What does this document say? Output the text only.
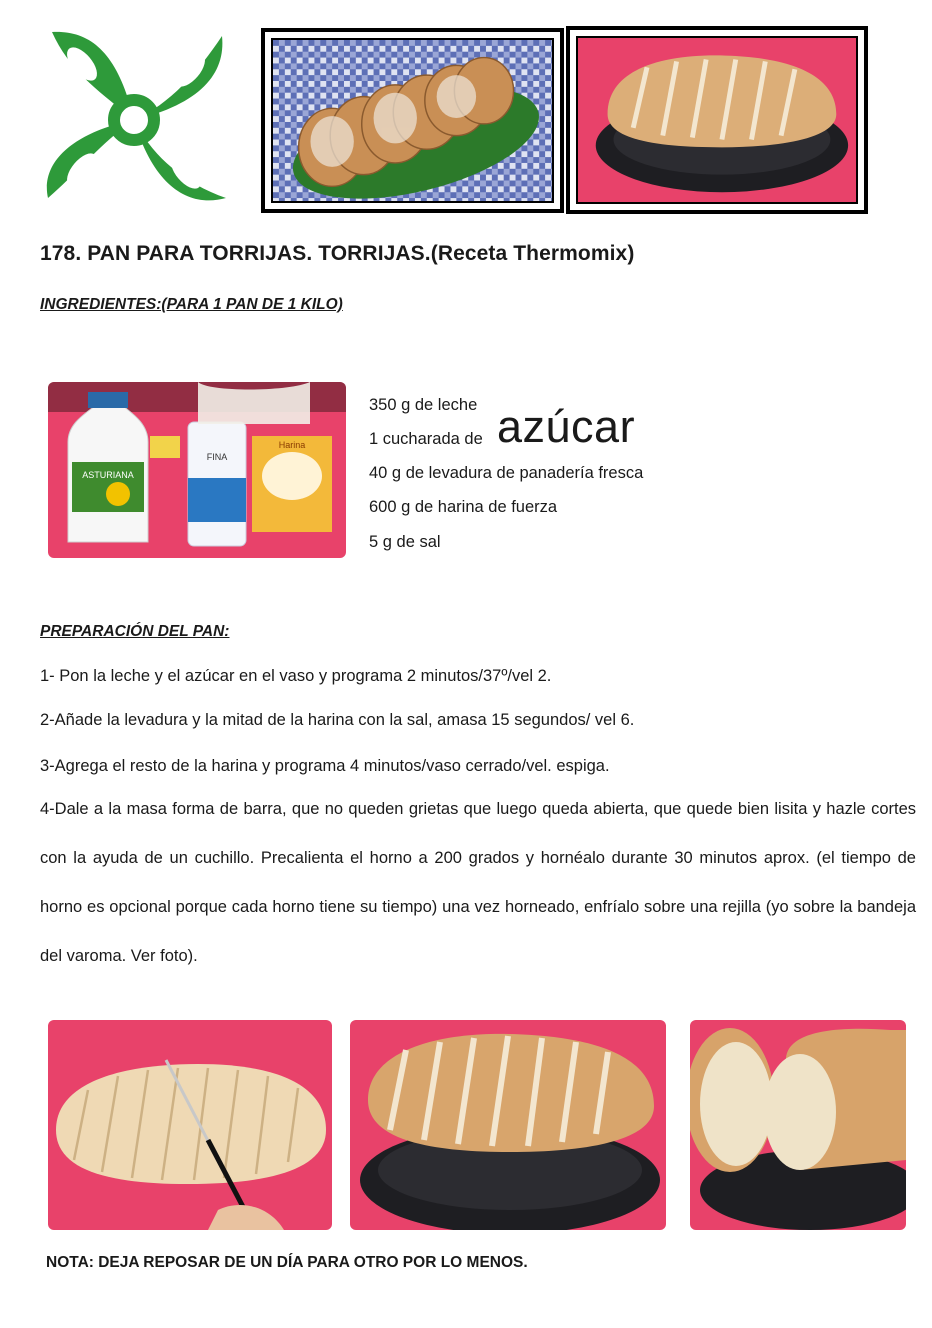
178. PAN PARA TORRIJAS. TORRIJAS.(Receta Thermomix)
INGREDIENTES:(PARA 1 PAN DE 1 KILO)
ASTURIANA
FINA
Harina
350 g de leche
1 cucharada de azúcar
40 g de levadura de panadería fresca
600 g de harina de fuerza
5 g de sal
PREPARACIÓN DEL PAN:
1- Pon la leche y el azúcar en el vaso y programa 2 minutos/37º/vel 2.
2-Añade la levadura y la mitad de la harina con la sal, amasa 15 segundos/ vel 6.
3-Agrega el resto de la harina y programa 4 minutos/vaso cerrado/vel. espiga.
4-Dale a la masa forma de barra, que no queden grietas que luego queda abierta, que quede bien lisita y hazle cortes con la ayuda de un cuchillo. Precalienta el horno a 200 grados y hornéalo durante 30 minutos aprox. (el tiempo de horno es opcional porque cada horno tiene su tiempo) una vez horneado, enfríalo sobre una rejilla (yo sobre la bandeja del varoma. Ver foto).
NOTA: DEJA REPOSAR DE UN DÍA PARA OTRO POR LO MENOS.
